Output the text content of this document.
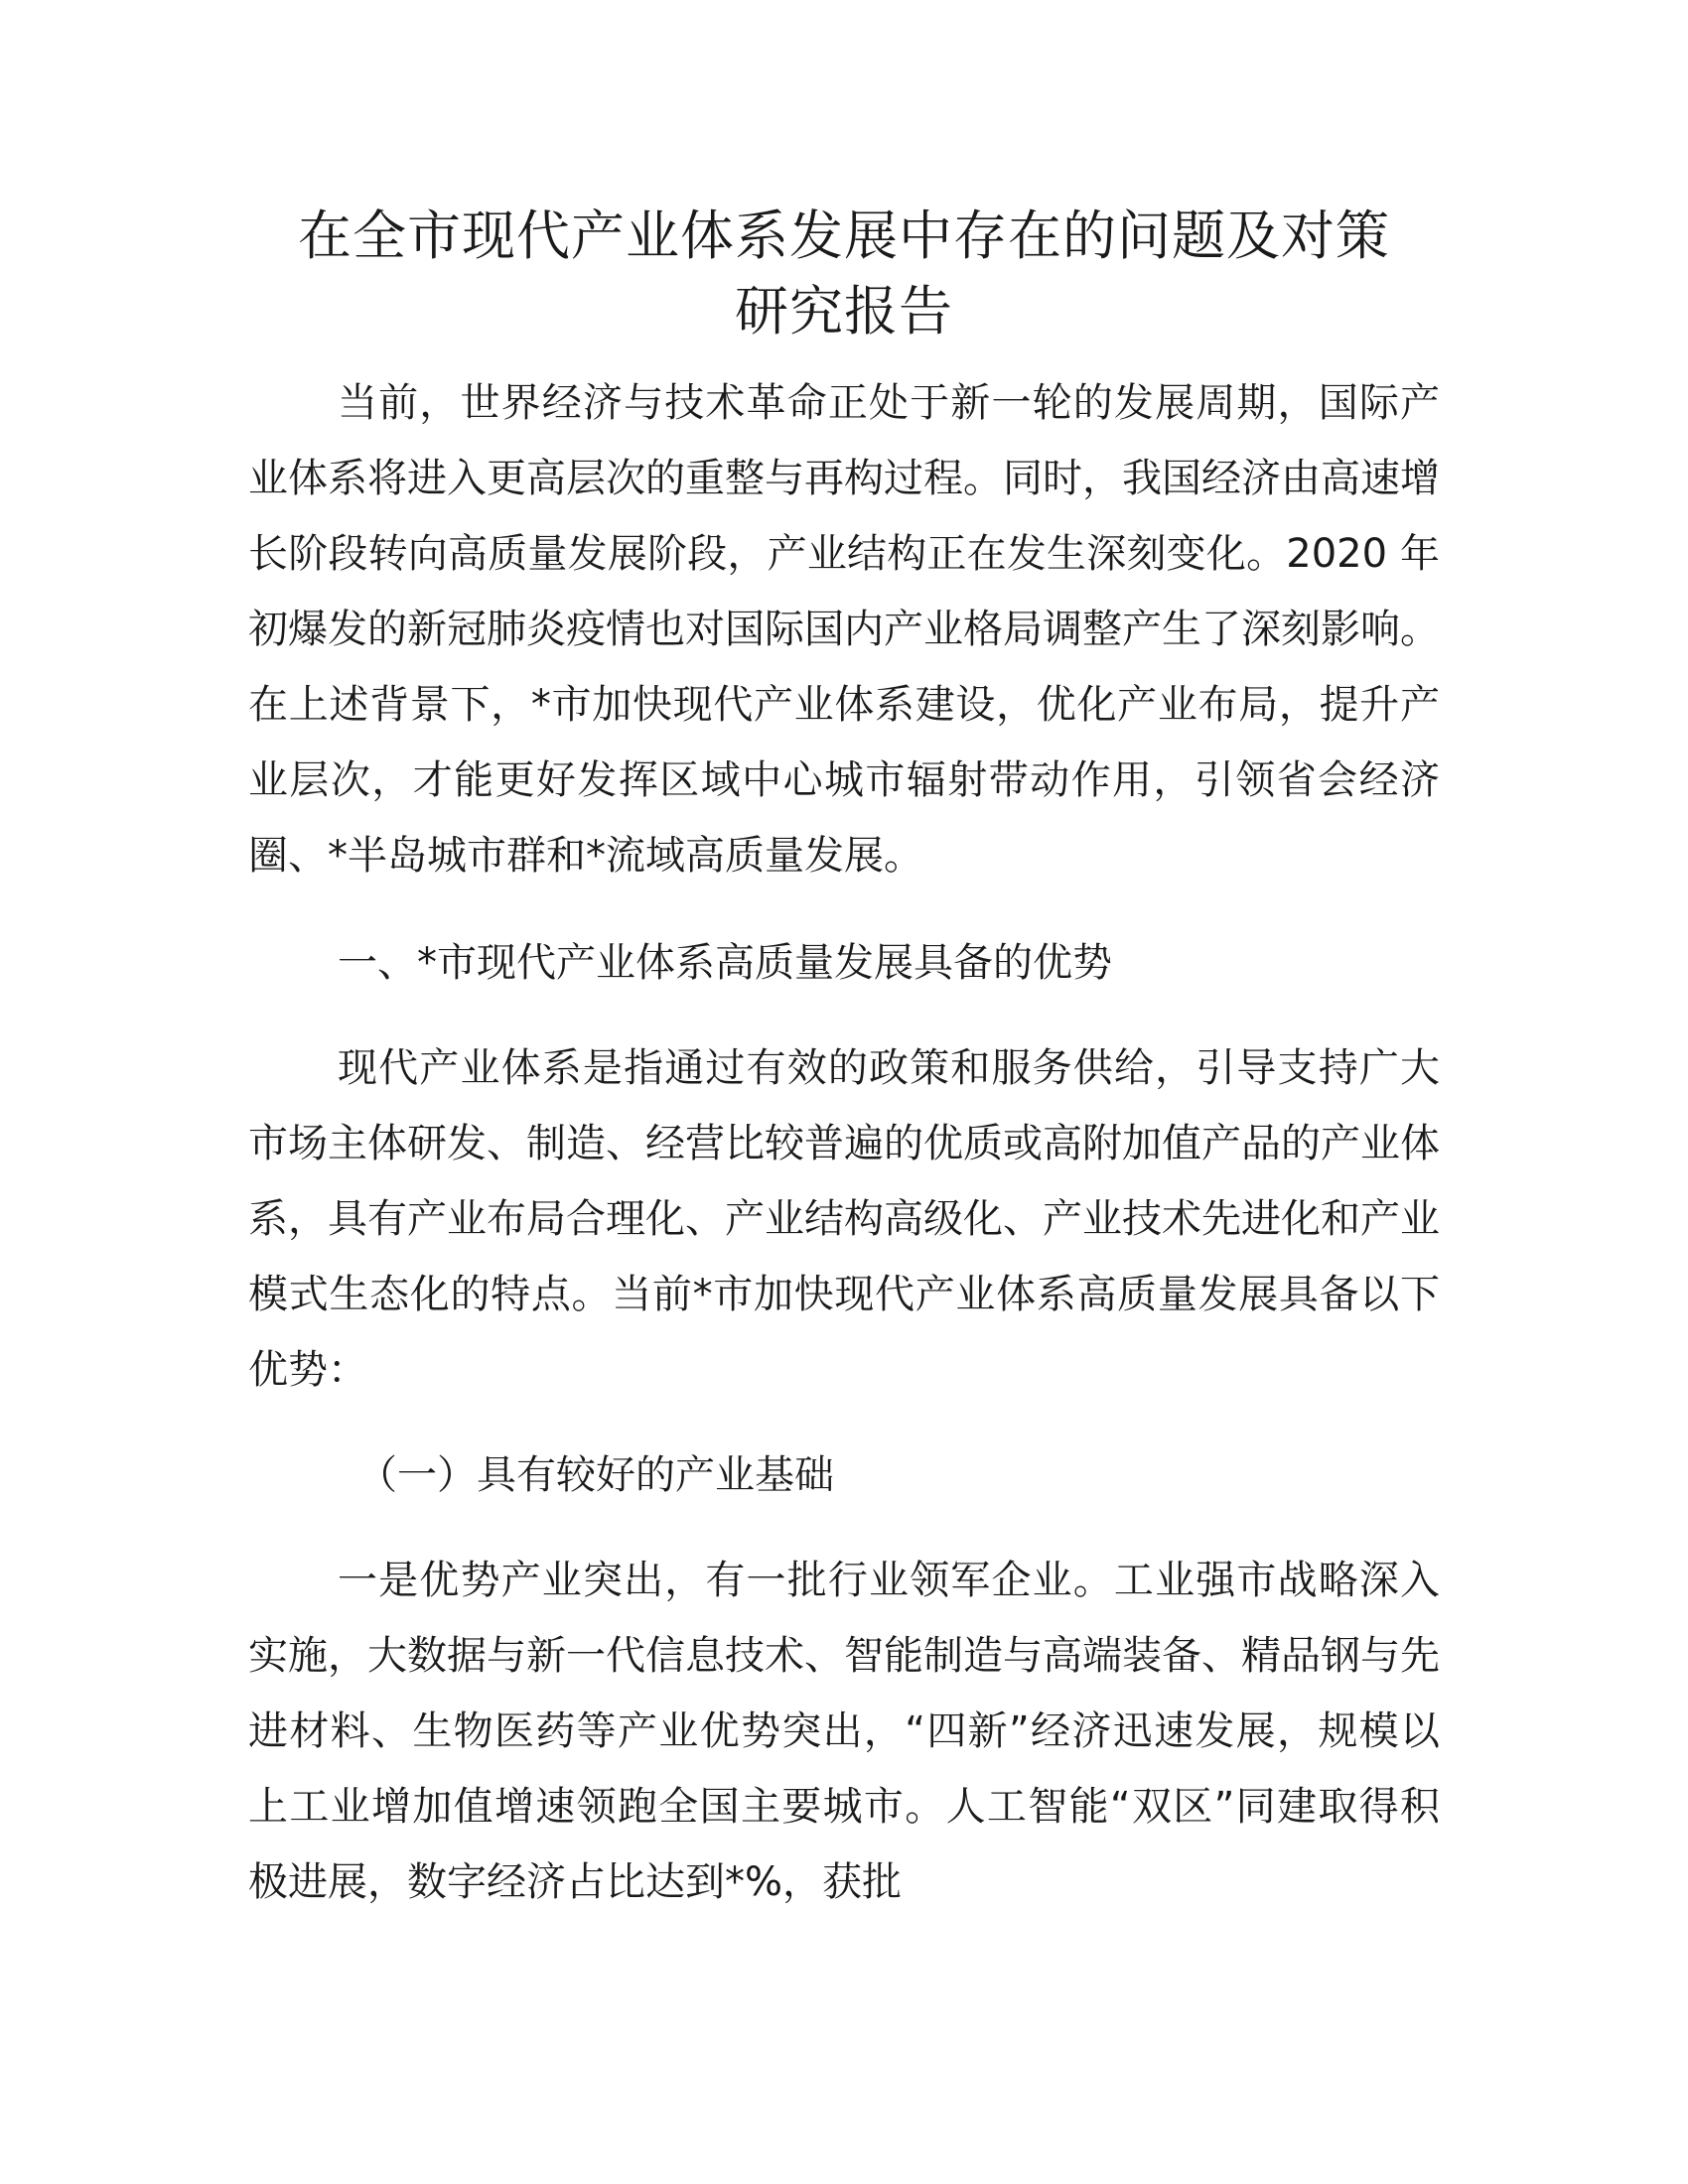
在全市现代产业体系发展中存在的问题及对策
研究报告

当前，世界经济与技术革命正处于新一轮的发展周期，国际产业体系将进入更高层次的重整与再构过程。同时，我国经济由高速增长阶段转向高质量发展阶段，产业结构正在发生深刻变化。2020 年初爆发的新冠肺炎疫情也对国际国内产业格局调整产生了深刻影响。在上述背景下，*市加快现代产业体系建设，优化产业布局，提升产业层次，才能更好发挥区域中心城市辐射带动作用，引领省会经济圈、*半岛城市群和*流域高质量发展。

一、*市现代产业体系高质量发展具备的优势

现代产业体系是指通过有效的政策和服务供给，引导支持广大市场主体研发、制造、经营比较普遍的优质或高附加值产品的产业体系，具有产业布局合理化、产业结构高级化、产业技术先进化和产业模式生态化的特点。当前*市加快现代产业体系高质量发展具备以下优势：

（一）具有较好的产业基础

一是优势产业突出，有一批行业领军企业。工业强市战略深入实施，大数据与新一代信息技术、智能制造与高端装备、精品钢与先进材料、生物医药等产业优势突出，“四新”经济迅速发展，规模以上工业增加值增速领跑全国主要城市。人工智能“双区”同建取得积极进展，数字经济占比达到*%，获批
